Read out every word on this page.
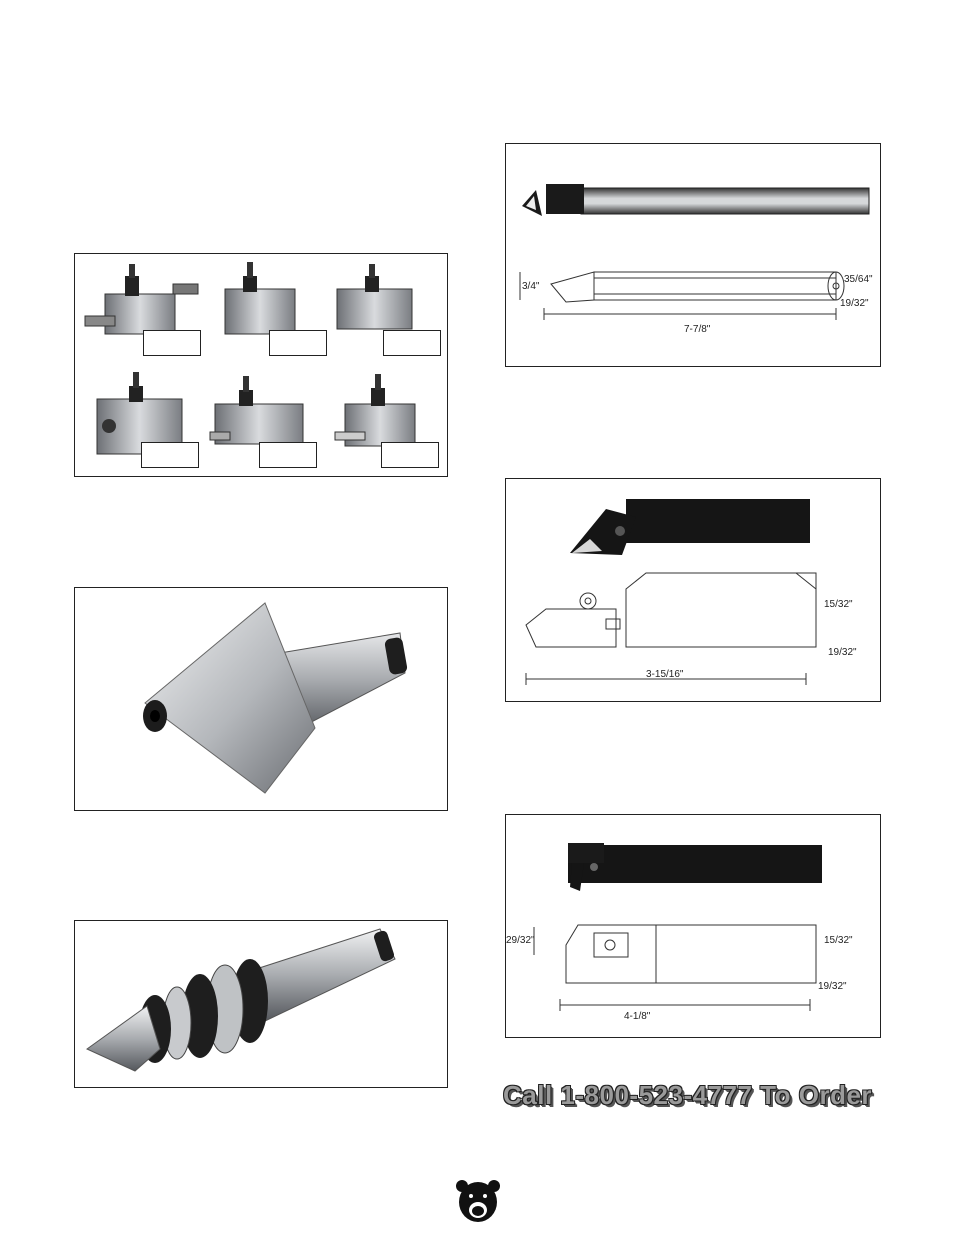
3/4"
7-7/8"
35/64"
19/32"
3-15/16"
15/32"
19/32"
29/32"
4-1/8"
15/32"
19/32"
Call 1-800-523-4777 To Order
